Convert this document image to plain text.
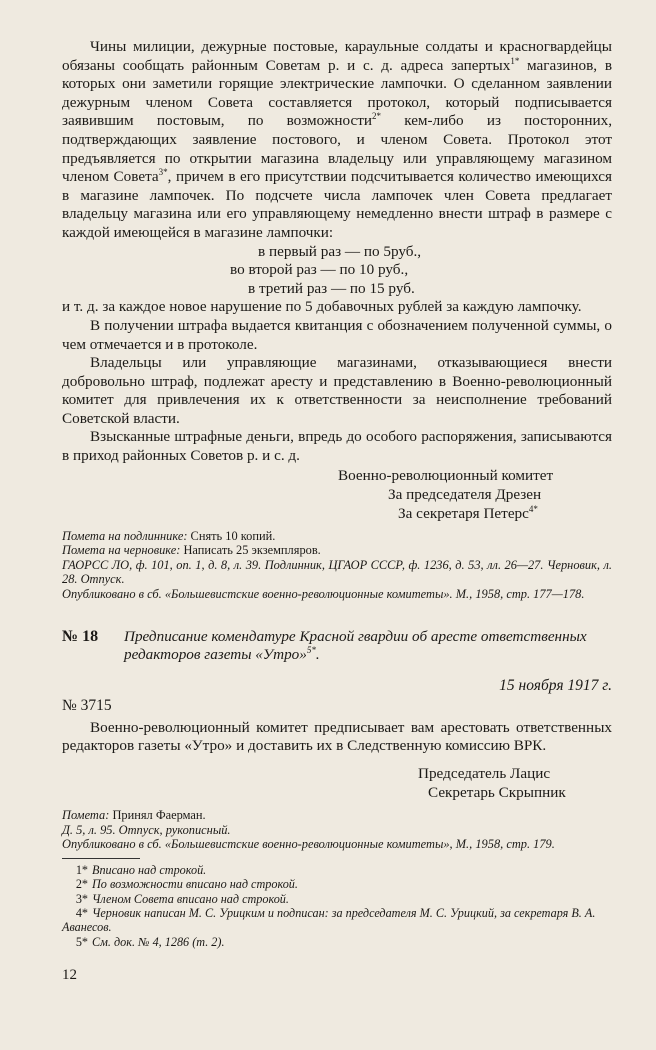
Чины милиции, дежурные постовые, караульные солдаты и красногвардейцы обязаны сообщать районным Советам р. и с. д. адреса запертых$^{1*}$ магазинов, в которых они заметили горящие электрические лампочки. О сделанном заявлении дежурным членом Совета составляется протокол, который подписывается заявившим постовым, по возможности$^{2*}$ кем-либо из посторонних, подтверждающих заявление постового, и членом Совета. Протокол этот предъявляется по открытии магазина владельцу или управляющему магазином членом Совета$^{3*}$, причем в его присутствии подсчитывается количество имеющихся в магазине лампочек. По подсчете числа лампочек член Совета предлагает владельцу магазина или его управляющему немедленно внести штраф в размере с каждой имеющейся в магазине лампочки:

в первый раз — по 5руб.,
во второй раз — по 10 руб.,
в третий раз — по 15 руб.

и т. д. за каждое новое нарушение по 5 добавочных рублей за каждую лампочку.

В получении штрафа выдается квитанция с обозначением полученной суммы, о чем отмечается и в протоколе.

Владельцы или управляющие магазинами, отказывающиеся внести добровольно штраф, подлежат аресту и представлению в Военно-революционный комитет для привлечения их к ответственности за неисполнение требований Советской власти.

Взысканные штрафные деньги, впредь до особого распоряжения, записываются в приход районных Советов р. и с. д.

Военно-революционный комитет
За председателя Дрезен
За секретаря Петерс$^{4*}$
Помета на подлиннике: Снять 10 копий.
Помета на черновике: Написать 25 экземпляров.
ГАОРСС ЛО, ф. 101, оп. 1, д. 8, л. 39. Подлинник, ЦГАОР СССР, ф. 1236, д. 53, лл. 26—27. Черновик, л. 28. Отпуск.
Опубликовано в сб. «Большевистские военно-революционные комитеты». М., 1958, стр. 177—178.
№ 18	Предписание комендатуре Красной гвардии об аресте ответственных редакторов газеты «Утро»$^{5*}$.
15 ноября 1917 г.
№ 3715

Военно-революционный комитет предписывает вам арестовать ответственных редакторов газеты «Утро» и доставить их в Следственную комиссию ВРК.

Председатель Лацис
Секретарь Скрыпник
Помета: Принял Фаерман.
Д. 5, л. 95. Отпуск, рукописный.
Опубликовано в сб. «Большевистские военно-революционные комитеты», М., 1958, стр. 179.
1* Вписано над строкой.
2* По возможности вписано над строкой.
3* Членом Совета вписано над строкой.
4* Черновик написан М. С. Урицким и подписан: за председателя М. С. Урицкий, за секретаря В. А. Аванесов.
5* См. док. № 4, 1286 (т. 2).
12
